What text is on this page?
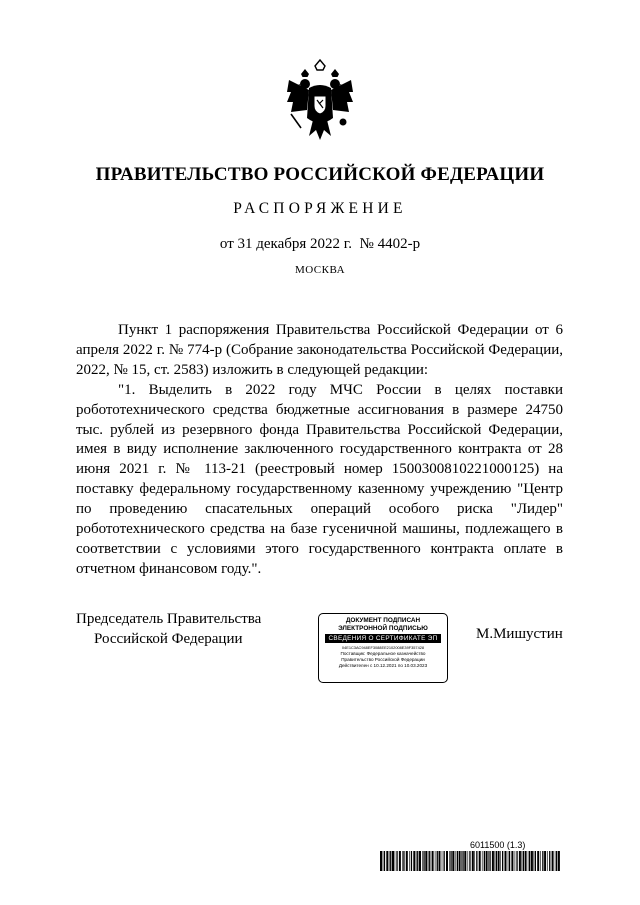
ПРАВИТЕЛЬСТВО РОССИЙСКОЙ ФЕДЕРАЦИИ
РАСПОРЯЖЕНИЕ
от 31 декабря 2022 г.  № 4402-р
МОСКВА

Пункт 1 распоряжения Правительства Российской Федерации от 6 апреля 2022 г. № 774-р (Собрание законодательства Российской Федерации, 2022, № 15, ст. 2583) изложить в следующей редакции:

"1. Выделить в 2022 году МЧС России в целях поставки робототехнического средства бюджетные ассигнования в размере 24750 тыс. рублей из резервного фонда Правительства Российской Федерации, имея в виду исполнение заключенного государственного контракта от 28 июня 2021 г. № 113-21 (реестровый номер 1500300810221000125) на поставку федеральному государственному казенному учреждению "Центр по проведению спасательных операций особого риска "Лидер" робототехнического средства на базе гусеничной машины, подлежащего в соответствии с условиями этого государственного контракта оплате в отчетном финансовом году.".

Председатель Правительства
Российской Федерации
ДОКУМЕНТ ПОДПИСАН
ЭЛЕКТРОННОЙ ПОДПИСЬЮ
СВЕДЕНИЯ О СЕРТИФИКАТЕ ЭП
04E1C3AC948EF3088EE2102008E39F357428
Поставщик: Федеральное казначейство
Правительство Российской Федерации
Действителен с 10.12.2021 по 10.03.2023
М.Мишустин
6011500 (1.3)
